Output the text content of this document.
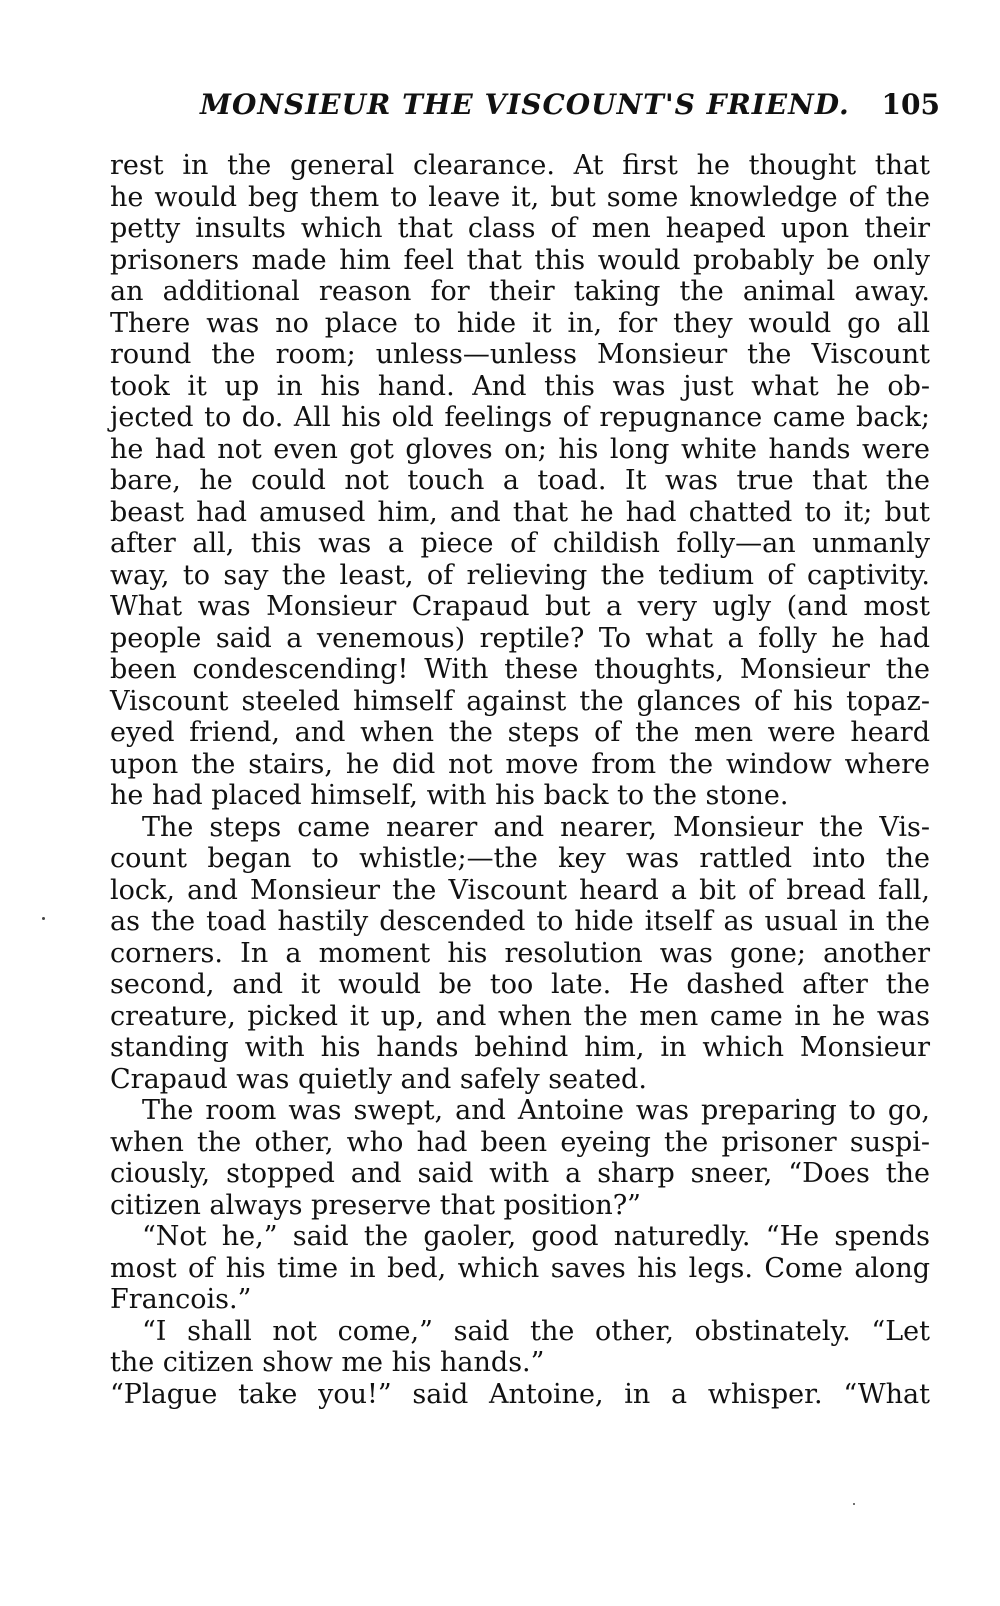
MONSIEUR THE VISCOUNT'S FRIEND. 105
rest in the general clearance. At first he thought that
he would beg them to leave it, but some knowledge of the
petty insults which that class of men heaped upon their
prisoners made him feel that this would probably be only
an additional reason for their taking the animal away.
There was no place to hide it in, for they would go all
round the room; unless—unless Monsieur the Viscount
took it up in his hand. And this was just what he ob-
jected to do. All his old feelings of repugnance came back;
he had not even got gloves on; his long white hands were
bare, he could not touch a toad. It was true that the
beast had amused him, and that he had chatted to it; but
after all, this was a piece of childish folly—an unmanly
way, to say the least, of relieving the tedium of captivity.
What was Monsieur Crapaud but a very ugly (and most
people said a venemous) reptile? To what a folly he had
been condescending! With these thoughts, Monsieur the
Viscount steeled himself against the glances of his topaz-
eyed friend, and when the steps of the men were heard
upon the stairs, he did not move from the window where
he had placed himself, with his back to the stone.
The steps came nearer and nearer, Monsieur the Vis-
count began to whistle;—the key was rattled into the
lock, and Monsieur the Viscount heard a bit of bread fall,
as the toad hastily descended to hide itself as usual in the
corners. In a moment his resolution was gone; another
second, and it would be too late. He dashed after the
creature, picked it up, and when the men came in he was
standing with his hands behind him, in which Monsieur
Crapaud was quietly and safely seated.
The room was swept, and Antoine was preparing to go,
when the other, who had been eyeing the prisoner suspi-
ciously, stopped and said with a sharp sneer, “Does the
citizen always preserve that position?”
“Not he,” said the gaoler, good naturedly. “He spends
most of his time in bed, which saves his legs. Come along
Francois.”
“I shall not come,” said the other, obstinately. “Let
the citizen show me his hands.”
“Plague take you!” said Antoine, in a whisper. “What
